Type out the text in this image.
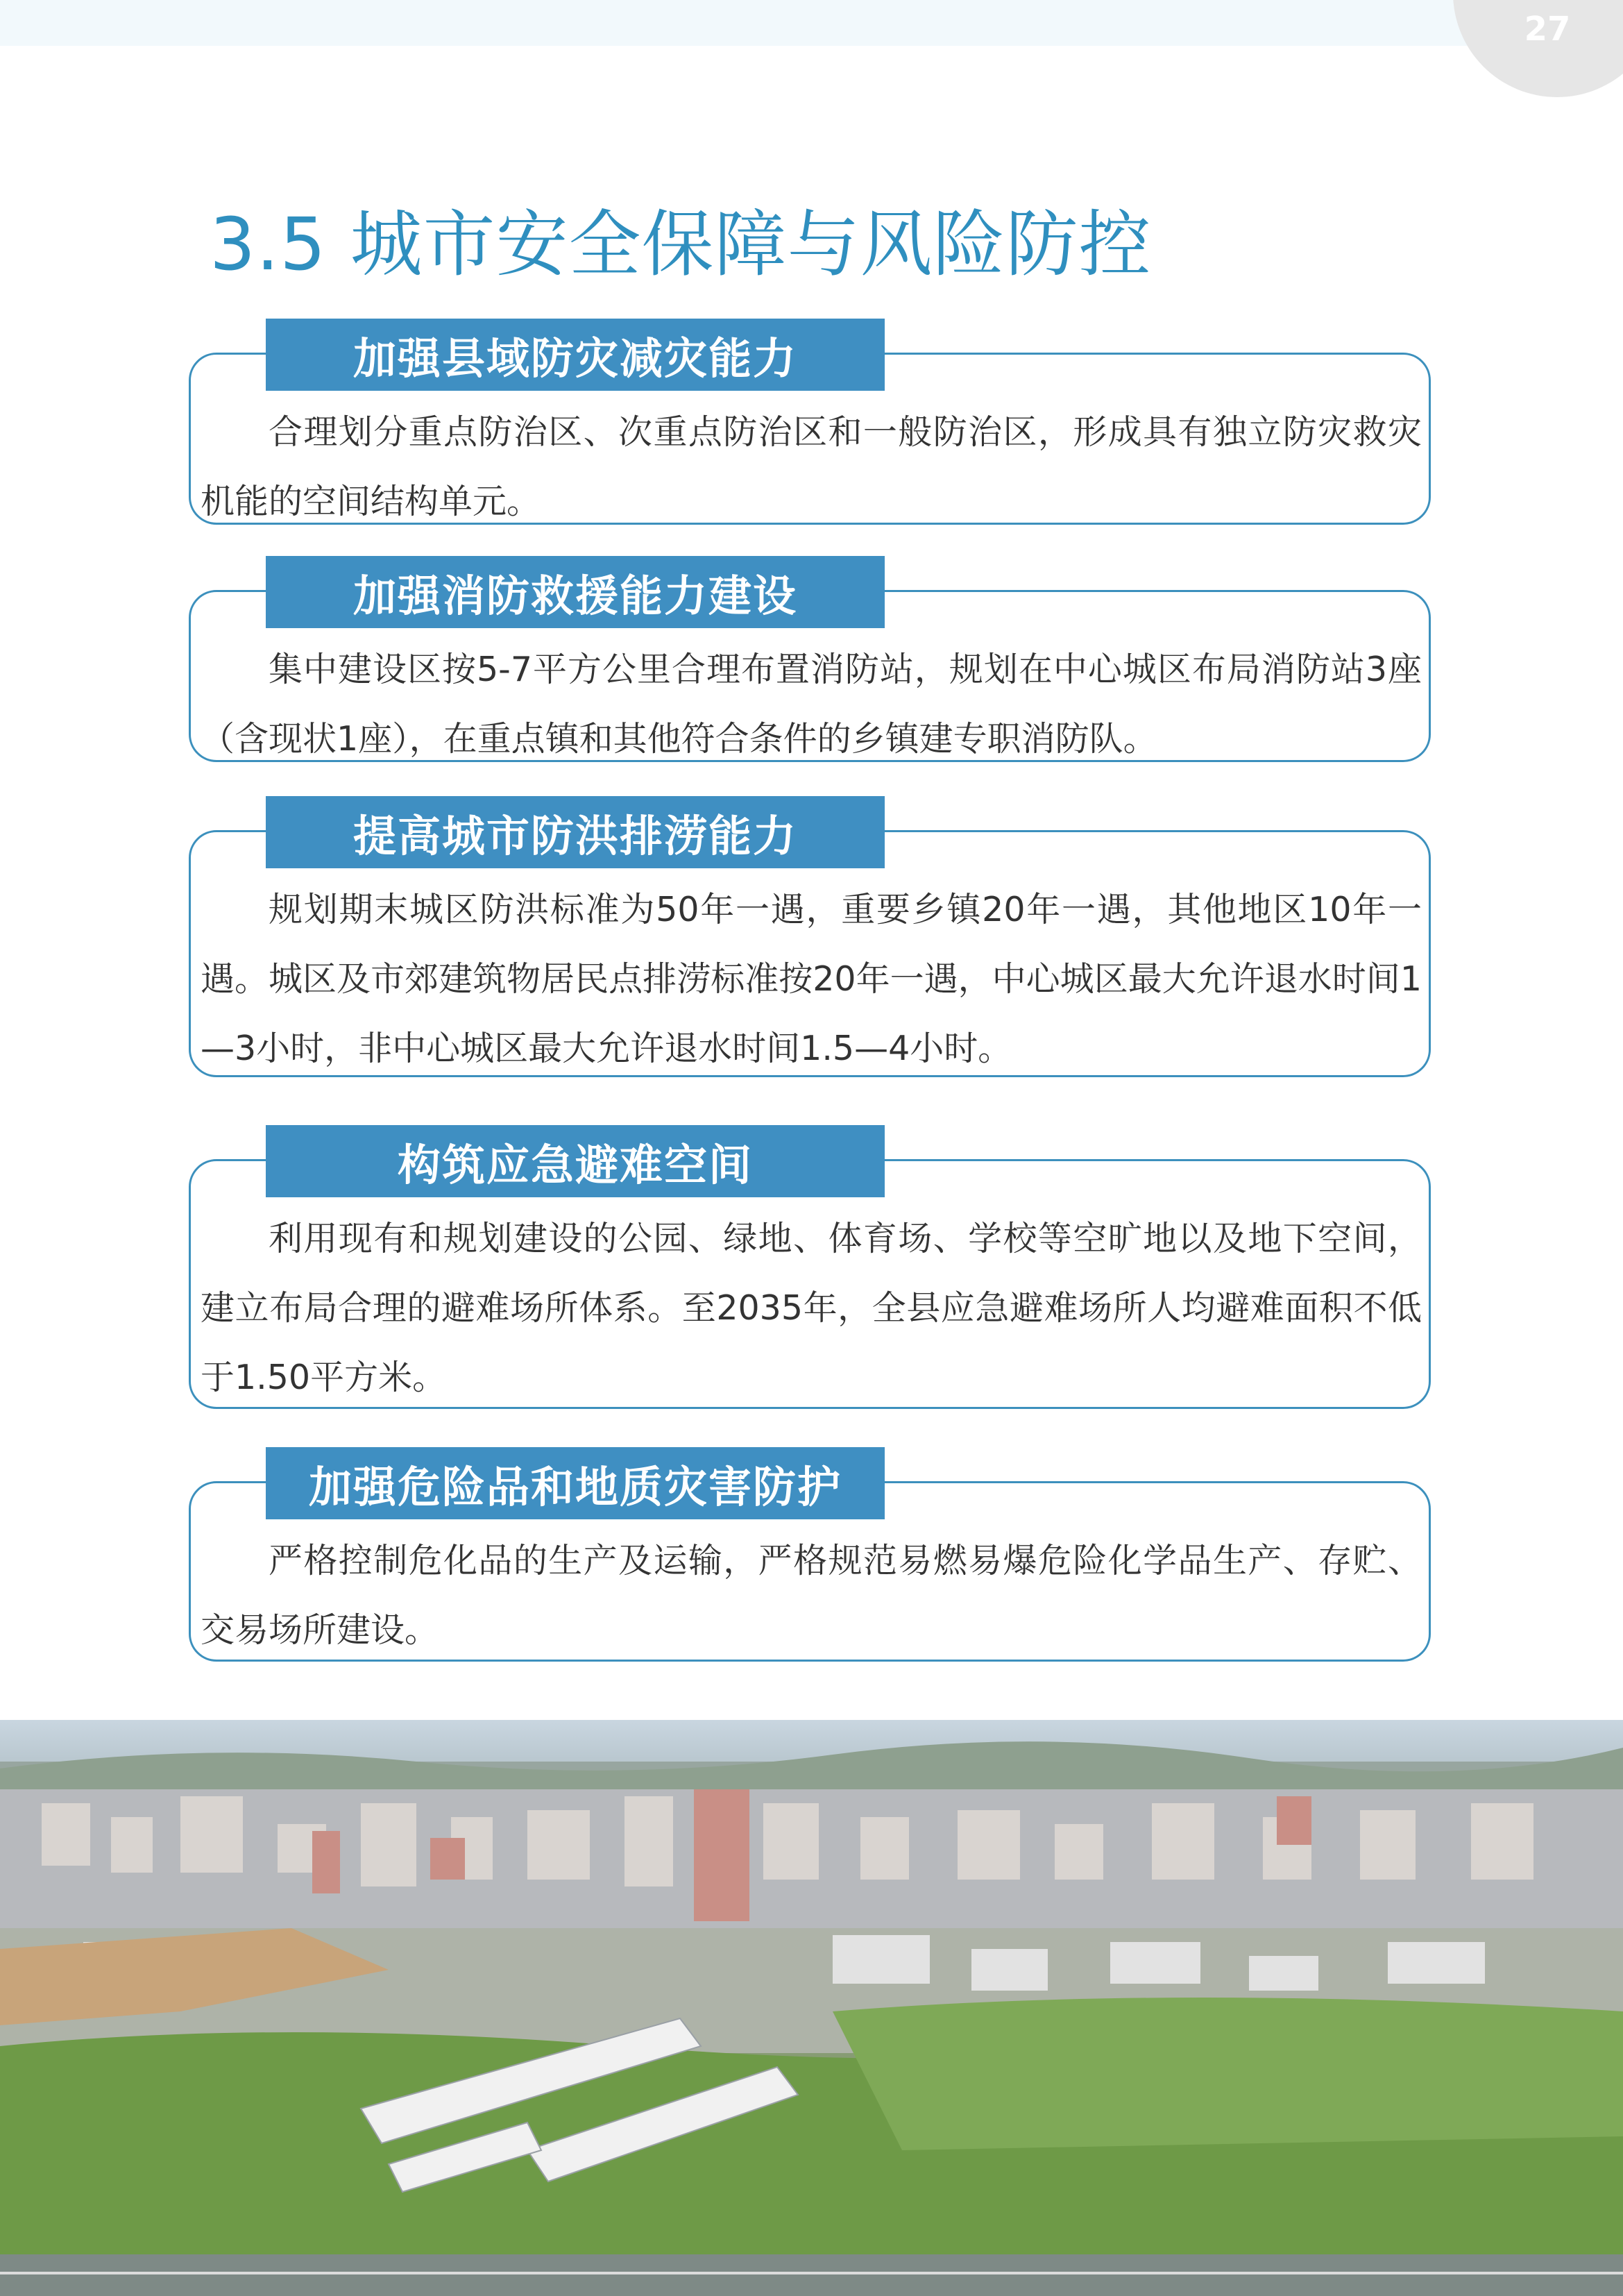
27
3.5 城市安全保障与风险防控
加强县域防灾减灾能力

合理划分重点防治区、次重点防治区和一般防治区，形成具有独立防灾救灾机能的空间结构单元。

加强消防救援能力建设

集中建设区按5-7平方公里合理布置消防站，规划在中心城区布局消防站3座（含现状1座），在重点镇和其他符合条件的乡镇建专职消防队。

提高城市防洪排涝能力

规划期末城区防洪标准为50年一遇，重要乡镇20年一遇，其他地区10年一遇。城区及市郊建筑物居民点排涝标准按20年一遇，中心城区最大允许退水时间1—3小时，非中心城区最大允许退水时间1.5—4小时。

构筑应急避难空间

利用现有和规划建设的公园、绿地、体育场、学校等空旷地以及地下空间，建立布局合理的避难场所体系。至2035年，全县应急避难场所人均避难面积不低于1.50平方米。

加强危险品和地质灾害防护

严格控制危化品的生产及运输，严格规范易燃易爆危险化学品生产、存贮、交易场所建设。
